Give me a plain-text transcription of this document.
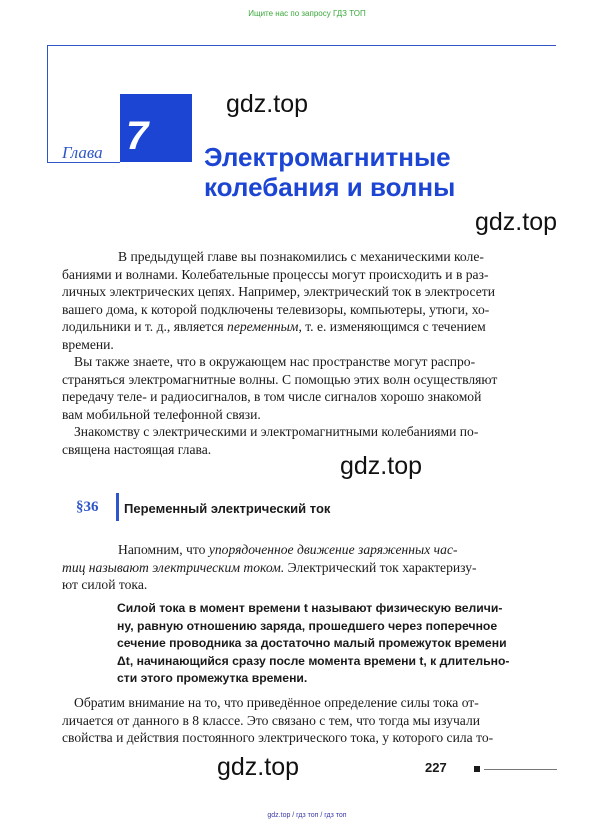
Ищите нас по запросу ГДЗ ТОП
Глава 7 Электромагнитные
колебания и волны
gdz.top
gdz.top
gdz.top
gdz.top
В предыдущей главе вы познакомились с механическими коле-
баниями и волнами. Колебательные процессы могут происходить и в раз-
личных электрических цепях. Например, электрический ток в электросети
вашего дома, к которой подключены телевизоры, компьютеры, утюги, хо-
лодильники и т. д., является переменным, т. е. изменяющимся с течением
времени.
Вы также знаете, что в окружающем нас пространстве могут распро-
страняться электромагнитные волны. С помощью этих волн осуществляют
передачу теле- и радиосигналов, в том числе сигналов хорошо знакомой
вам мобильной телефонной связи.
Знакомству с электрическими и электромагнитными колебаниями по-
священа настоящая глава.
§36 Переменный электрический ток
Напомним, что упорядоченное движение заряженных час-
тиц называют электрическим током. Электрический ток характеризу-
ют силой тока.
Силой тока в момент времени t называют физическую величи-
ну, равную отношению заряда, прошедшего через поперечное
сечение проводника за достаточно малый промежуток времени
Δt, начинающийся сразу после момента времени t, к длительно-
сти этого промежутка времени.
Обратим внимание на то, что приведённое определение силы тока от-
личается от данного в 8 классе. Это связано с тем, что тогда мы изучали
свойства и действия постоянного электрического тока, у которого сила то-
227
gdz.top / гдз топ / гдз топ
